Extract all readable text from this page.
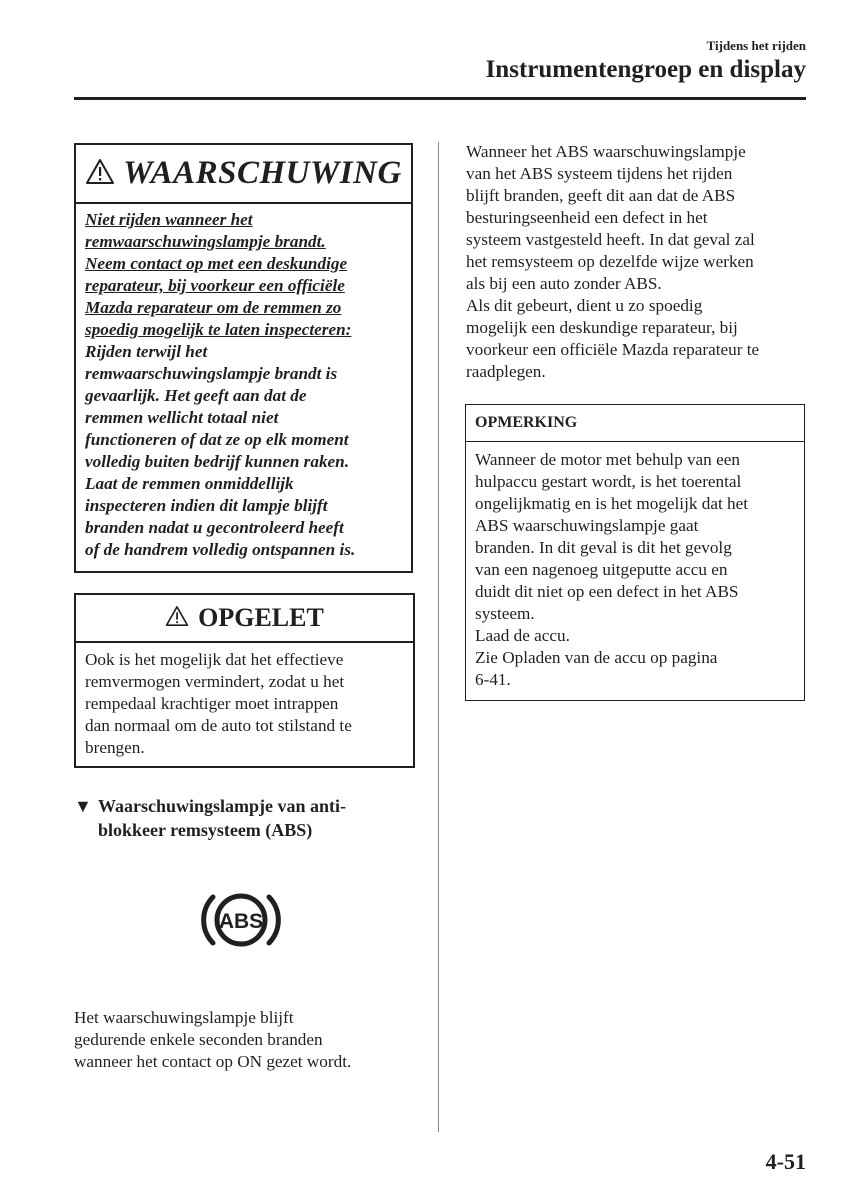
Tijdens het rijden
Instrumentengroep en display
WAARSCHUWING
Niet rijden wanneer het
remwaarschuwingslampje brandt.
Neem contact op met een deskundige
reparateur, bij voorkeur een officiële
Mazda reparateur om de remmen zo
spoedig mogelijk te laten inspecteren:
Rijden terwijl het
remwaarschuwingslampje brandt is
gevaarlijk. Het geeft aan dat de
remmen wellicht totaal niet
functioneren of dat ze op elk moment
volledig buiten bedrijf kunnen raken.
Laat de remmen onmiddellijk
inspecteren indien dit lampje blijft
branden nadat u gecontroleerd heeft
of de handrem volledig ontspannen is.
OPGELET
Ook is het mogelijk dat het effectieve
remvermogen vermindert, zodat u het
rempedaal krachtiger moet intrappen
dan normaal om de auto tot stilstand te
brengen.
▼ Waarschuwingslampje van anti-
blokkeer remsysteem (ABS)
ABS
Het waarschuwingslampje blijft
gedurende enkele seconden branden
wanneer het contact op ON gezet wordt.
Wanneer het ABS waarschuwingslampje
van het ABS systeem tijdens het rijden
blijft branden, geeft dit aan dat de ABS
besturingseenheid een defect in het
systeem vastgesteld heeft. In dat geval zal
het remsysteem op dezelfde wijze werken
als bij een auto zonder ABS.
Als dit gebeurt, dient u zo spoedig
mogelijk een deskundige reparateur, bij
voorkeur een officiële Mazda reparateur te
raadplegen.
OPMERKING
Wanneer de motor met behulp van een
hulpaccu gestart wordt, is het toerental
ongelijkmatig en is het mogelijk dat het
ABS waarschuwingslampje gaat
branden. In dit geval is dit het gevolg
van een nagenoeg uitgeputte accu en
duidt dit niet op een defect in het ABS
systeem.
Laad de accu.
Zie Opladen van de accu op pagina
6-41.
4-51
